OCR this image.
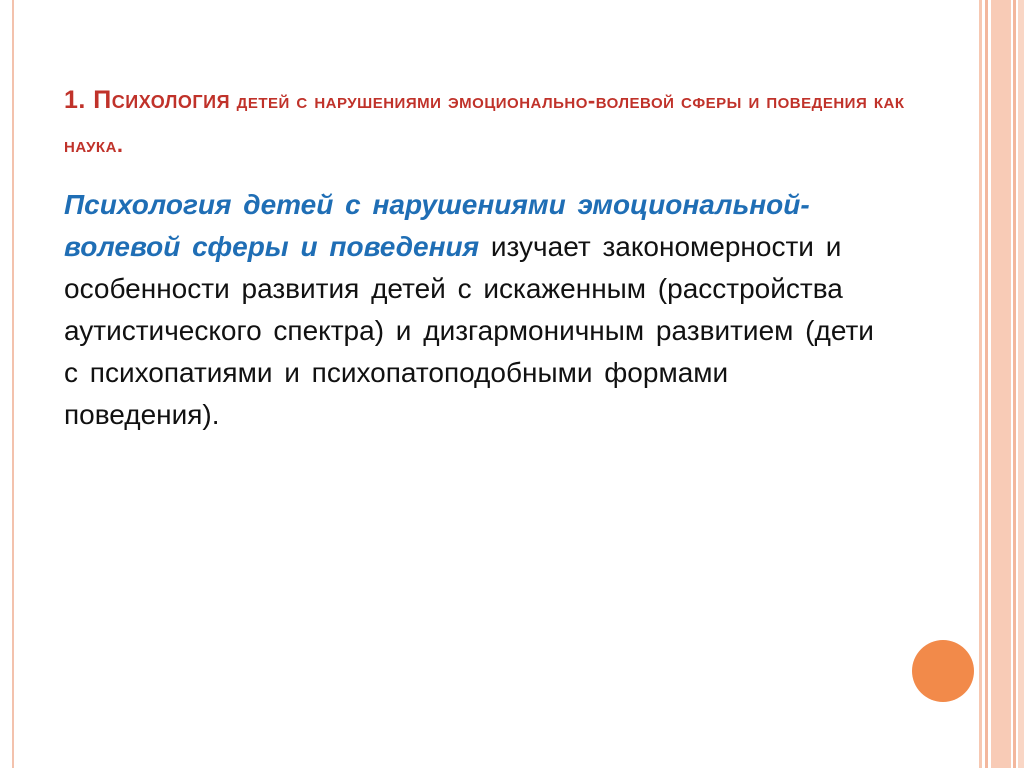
1. Психология детей с нарушениями эмоционально-волевой сферы и поведения как наука.

Психология детей с нарушениями эмоциональной-волевой сферы и поведения изучает закономерности и особенности развития детей с искаженным (расстройства аутистического спектра) и дизгармоничным развитием (дети с психопатиями и психопатоподобными формами поведения).
